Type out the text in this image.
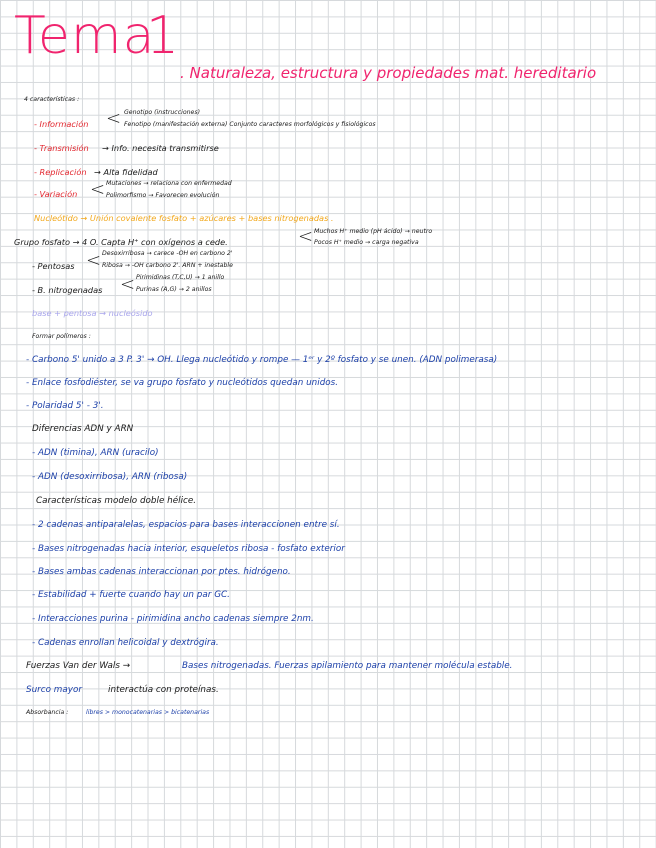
Tema
1
. Naturaleza, estructura y propiedades mat. hereditario
4 características :
- Información < Genotipo (instrucciones)
Fenotipo (manifestación externa) Conjunto caracteres morfológicos y fisiológicos
- Transmisión → Info. necesita transmitirse
- Replicación → Alta fidelidad
- Variación < Mutaciones → relaciona con enfermedad
Polimorfismo → Favorecen evolución
Nucleótido → Unión covalente fosfato + azúcares + bases nitrogenadas .
Grupo fosfato → 4 O. Capta H⁺ con oxígenos a cede.	< Muchos H⁺ medio (pH ácido) → neutro
Pocos H⁺ medio → carga negativa
- Pentosas < Desoxirribosa → carece -OH en carbono 2'
Ribosa → -OH carbono 2'. ARN + inestable
- B. nitrogenadas < Pirimidinas (T,C,U) → 1 anillo
Purinas (A,G) → 2 anillos
base + pentosa → nucleósido
Formar polímeros :
- Carbono 5' unido a 3 P. 3' → OH. Llega nucleótido y rompe — 1ᵉʳ y 2º fosfato y se unen. (ADN polimerasa)
- Enlace fosfodiéster, se va grupo fosfato y nucleótidos quedan unidos.
- Polaridad 5' - 3'.
Diferencias ADN y ARN
- ADN (timina), ARN (uracilo)
- ADN (desoxirribosa), ARN (ribosa)
Características modelo doble hélice.
- 2 cadenas antiparalelas, espacios para bases interaccionen entre sí.
- Bases nitrogenadas hacia interior, esqueletos ribosa - fosfato exterior
- Bases ambas cadenas interaccionan por ptes. hidrógeno.
- Estabilidad + fuerte cuando hay un par GC.
- Interacciones purina - pirimidina ancho cadenas siempre 2nm.
- Cadenas enrollan helicoidal y dextrógira.
Fuerzas Van der Wals →	Bases nitrogenadas. Fuerzas apilamiento para mantener molécula estable.
Surco mayor	interactúa con proteínas.
Absorbancia :	libres > monocatenarias > bicatenarias
